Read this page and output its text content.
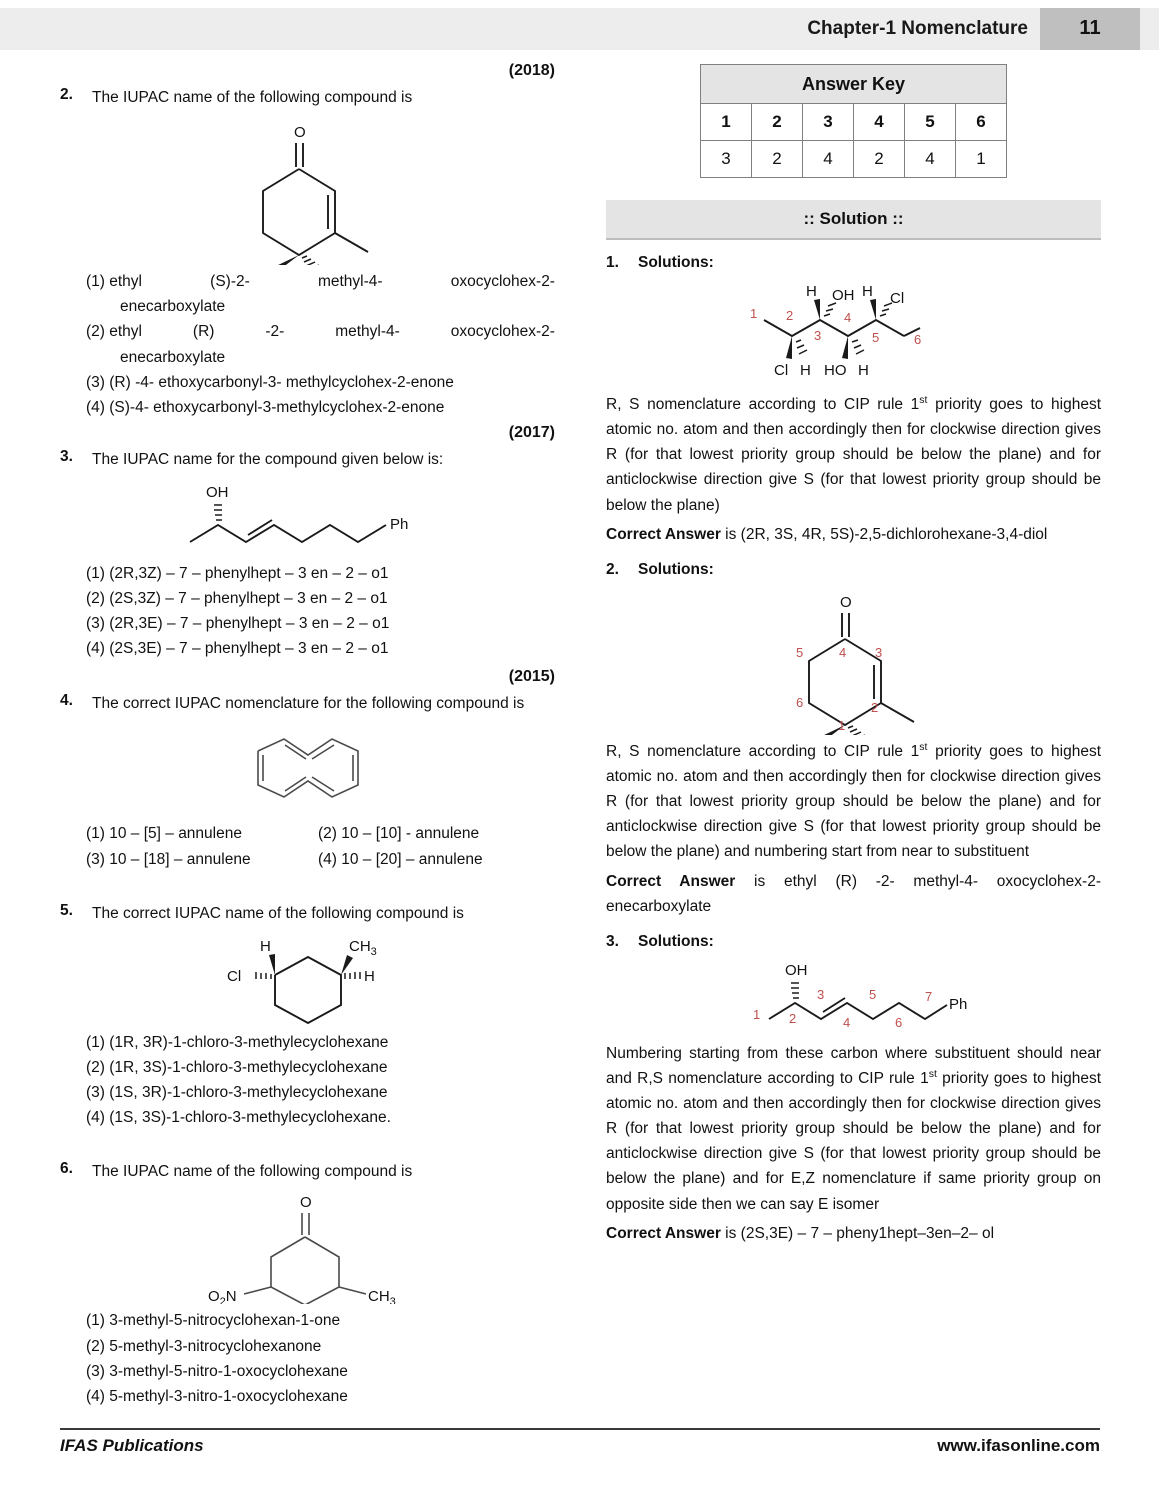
Chapter-1 Nomenclature	11
(2018)
2.	The IUPAC name of the following compound is
O
(1) ethyl	(S)-2-	methyl-4-	oxocyclohex-2-
enecarboxylate
(2) ethyl	(R)	-2-	methyl-4-	oxocyclohex-2-
enecarboxylate
(3) (R) -4- ethoxycarbonyl-3- methylcyclohex-2-enone
(4) (S)-4- ethoxycarbonyl-3-methylcyclohex-2-enone
(2017)
3.	The IUPAC name for the compound given below is:
OH
Ph
(1) (2R,3Z) – 7 – phenylhept – 3 en – 2 – o1
(2) (2S,3Z) – 7 – phenylhept – 3 en – 2 – o1
(3) (2R,3E) – 7 – phenylhept – 3 en – 2 – o1
(4) (2S,3E) – 7 – phenylhept – 3 en – 2 – o1
(2015)
4.	The correct IUPAC nomenclature for the following compound is
(1) 10 – [5] – annulene	(2) 10 – [10] - annulene
(3) 10 – [18] – annulene	(4) 10 – [20] – annulene
5.	The correct IUPAC name of the following compound is
H
Cl
$CH_3$
H
(1) (1R, 3R)-1-chloro-3-methylecyclohexane
(2) (1R, 3S)-1-chloro-3-methylecyclohexane
(3) (1S, 3R)-1-chloro-3-methylecyclohexane
(4) (1S, 3S)-1-chloro-3-methylecyclohexane.
6.	The IUPAC name of the following compound is
O
$O_2N$	$CH_3$
(1) 3-methyl-5-nitrocyclohexan-1-one
(2) 5-methyl-3-nitrocyclohexanone
(3) 3-methyl-5-nitro-1-oxocyclohexane
(4) 5-methyl-3-nitro-1-oxocyclohexane
Answer Key					
1	2	3	4	5	6
3	2	4	2	4	1
:: Solution ::
1.	Solutions:
Cl H
H OH
HO H
H Cl
1 2
3
4
5	6

R, S nomenclature according to CIP rule 1st priority goes to highest atomic no. atom and then accordingly then for clockwise direction gives R (for that lowest priority group should be below the plane) and for anticlockwise direction give S (for that lowest priority group should be below the plane)

Correct Answer is (2R, 3S, 4R, 5S)-2,5-dichlorohexane-3,4-diol

2.	Solutions:
O
1
2
3
4
5
6

R, S nomenclature according to CIP rule 1st priority goes to highest atomic no. atom and then accordingly then for clockwise direction gives R (for that lowest priority group should be below the plane) and for anticlockwise direction give S (for that lowest priority group should be below the plane) and numbering start from near to substituent

Correct Answer is ethyl (R) -2- methyl-4- oxocyclohex-2- enecarboxylate

3.	Solutions:
OH
Ph
1 2
3
4
5
6
7

Numbering starting from these carbon where substituent should near and R,S nomenclature according to CIP rule 1st priority goes to highest atomic no. atom and then accordingly then for clockwise direction gives R (for that lowest priority group should be below the plane) and for anticlockwise direction give S (for that lowest priority group should be below the plane) and for E,Z nomenclature if same priority group on opposite side then we can say E isomer

Correct Answer is (2S,3E) – 7 – pheny1hept–3en–2– ol

IFAS Publications	www.ifasonline.com
